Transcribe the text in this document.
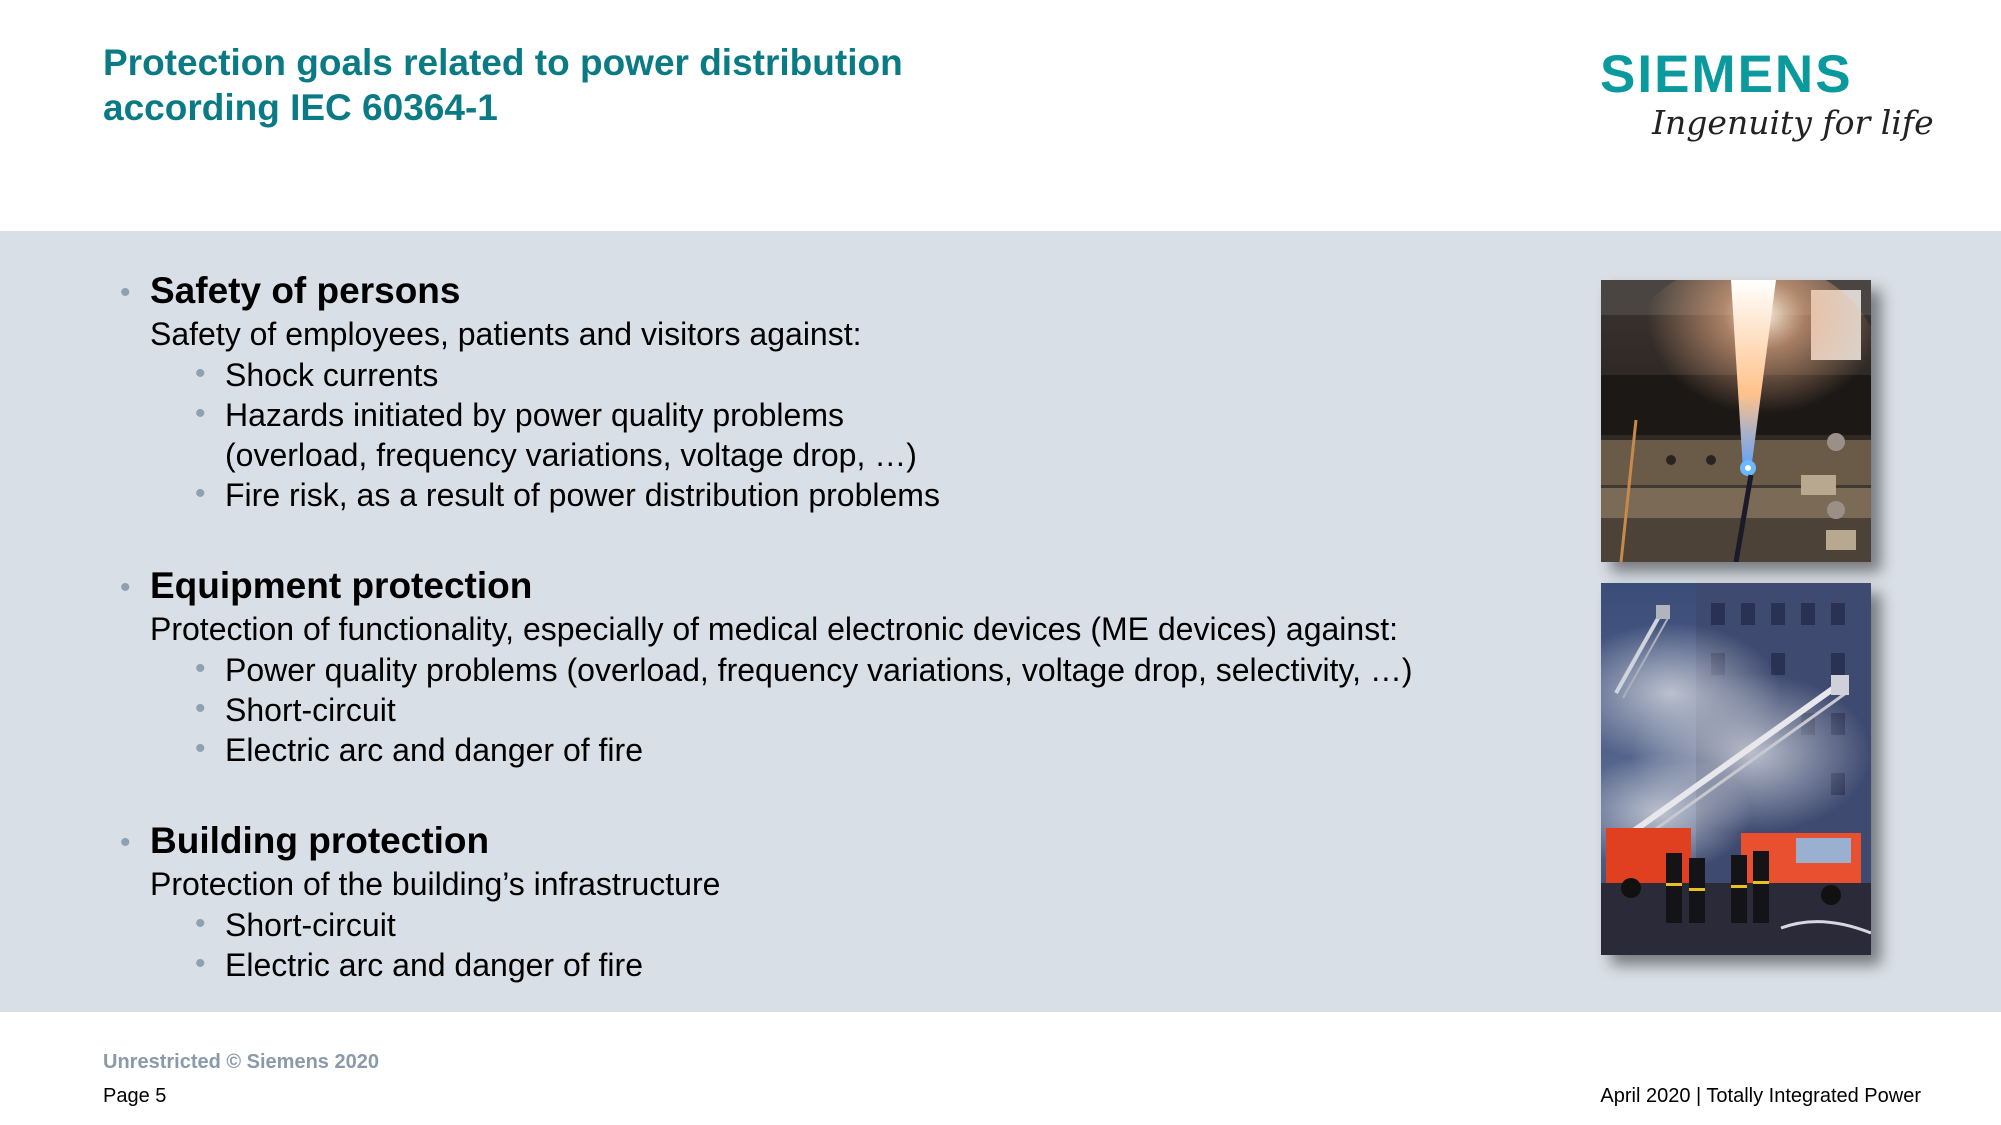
Protection goals related to power distribution
according IEC 60364-1
SIEMENS
Ingenuity for life
• Safety of persons
Safety of employees, patients and visitors against:
• Shock currents
• Hazards initiated by power quality problems
(overload, frequency variations, voltage drop, …)
• Fire risk, as a result of power distribution problems
• Equipment protection
Protection of functionality, especially of medical electronic devices (ME devices) against:
• Power quality problems (overload, frequency variations, voltage drop, selectivity, …)
• Short-circuit
• Electric arc and danger of fire
• Building protection
Protection of the building’s infrastructure
• Short-circuit
• Electric arc and danger of fire
Unrestricted © Siemens 2020
Page 5	April 2020 | Totally Integrated Power
